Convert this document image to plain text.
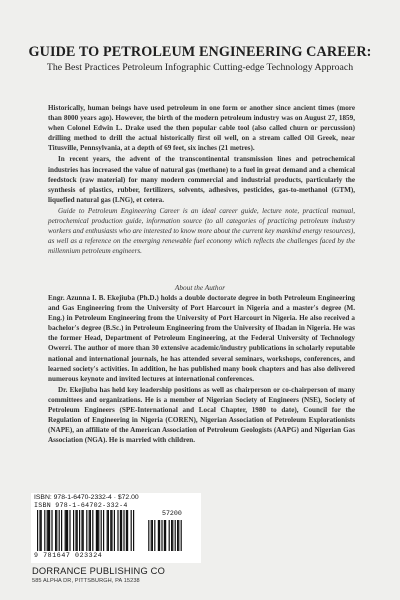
GUIDE TO PETROLEUM ENGINEERING CAREER:
The Best Practices Petroleum Infographic Cutting-edge Technology Approach

Historically, human beings have used petroleum in one form or another since ancient times (more than 8000 years ago). However, the birth of the modern petroleum industry was on August 27, 1859, when Colonel Edwin L. Drake used the then popular cable tool (also called churn or percussion) drilling method to drill the actual historically first oil well, on a stream called Oil Greek, near Titusville, Pennsylvania, at a depth of 69 feet, six inches (21 metres).

In recent years, the advent of the transcontinental transmission lines and petrochemical industries has increased the value of natural gas (methane) to a fuel in great demand and a chemical feedstock (raw material) for many modern commercial and industrial products, particularly the synthesis of plastics, rubber, fertilizers, solvents, adhesives, pesticides, gas-to-methanol (GTM), liquefied natural gas (LNG), et cetera.

Guide to Petroleum Engineering Career is an ideal career guide, lecture note, practical manual, petrochemical production guide, information source (to all categories of practicing petroleum industry workers and enthusiasts who are interested to know more about the current key mankind energy resources), as well as a reference on the emerging renewable fuel economy which reflects the challenges faced by the millennium petroleum engineers.

About the Author

Engr. Azunna I. B. Ekejiuba (Ph.D.) holds a double doctorate degree in both Petroleum Engineering and Gas Engineering from the University of Port Harcourt in Nigeria and a master's degree (M. Eng.) in Petroleum Engineering from the University of Port Harcourt in Nigeria. He also received a bachelor's degree (B.Sc.) in Petroleum Engineering from the University of Ibadan in Nigeria. He was the former Head, Department of Petroleum Engineering, at the Federal University of Technology Owerri. The author of more than 30 extensive academic/industry publications in scholarly reputable national and international journals, he has attended several seminars, workshops, conferences, and learned society's activities. In addition, he has published many book chapters and has also delivered numerous keynote and invited lectures at international conferences.

Dr. Ekejiuba has held key leadership positions as well as chairperson or co-chairperson of many committees and organizations. He is a member of Nigerian Society of Engineers (NSE), Society of Petroleum Engineers (SPE-International and Local Chapter, 1980 to date), Council for the Regulation of Engineering in Nigeria (COREN), Nigerian Association of Petroleum Explorationists (NAPE), an affiliate of the American Association of Petroleum Geologists (AAPG) and Nigerian Gas Association (NGA). He is married with children.

ISBN: 978-1-6470-2332-4 · $72.00
ISBN 978-1-64702-332-4
57200
9 781647 023324
DORRANCE PUBLISHING CO
585 ALPHA DR, PITTSBURGH, PA 15238
